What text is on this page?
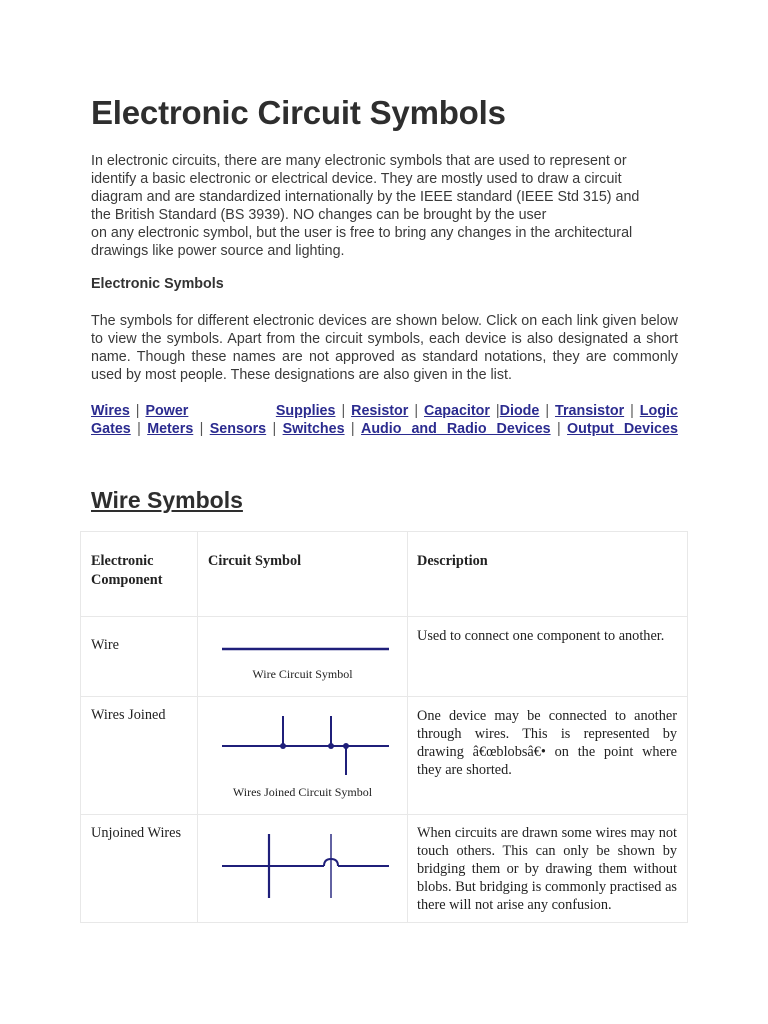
Electronic Circuit Symbols

In electronic circuits, there are many electronic symbols that are used to represent or
identify a basic electronic or electrical device. They are mostly used to draw a circuit
diagram and are standardized internationally by the IEEE standard (IEEE Std 315) and
the British Standard (BS 3939). NO changes can be brought by the user
on any electronic symbol, but the user is free to bring any changes in the architectural
drawings like power source and lighting.

Electronic Symbols

The symbols for different electronic devices are shown below. Click on each link given below to view the symbols. Apart from the circuit symbols, each device is also designated a short name. Though these names are not approved as standard notations, they are commonly used by most people. These designations are also given in the list.

Wires | Power	Supplies | Resistor | Capacitor | Diode | Transistor | Logic
Gates | Meters | Sensors | Switches | Audio and Radio Devices | Output Devices
Wire Symbols
Electronic Component	Circuit Symbol	Description
Wire	Wire Circuit Symbol	Used to connect one component to another.
Wires Joined	Wires Joined Circuit Symbol	One device may be connected to another through wires. This is represented by drawing â€œblobsâ€• on the point where they are shorted.
Unjoined Wires		When circuits are drawn some wires may not touch others. This can only be shown by bridging them or by drawing them without blobs. But bridging is commonly practised as there will not arise any confusion.
